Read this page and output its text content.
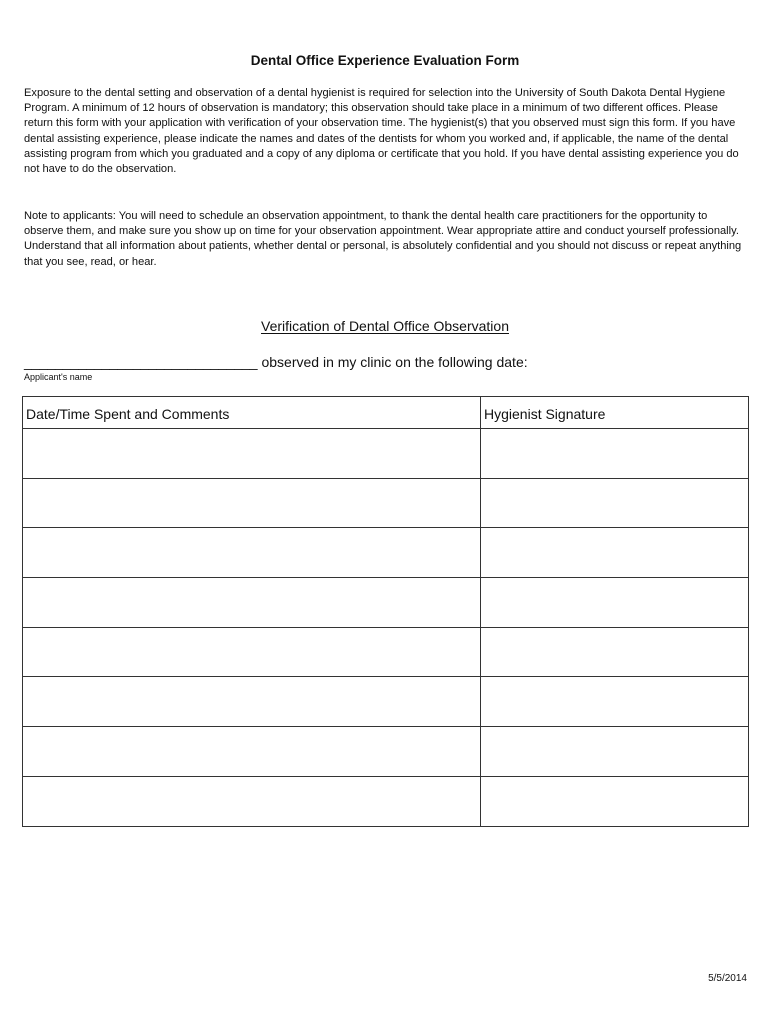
Dental Office Experience Evaluation Form

Exposure to the dental setting and observation of a dental hygienist is required for selection into the University of South Dakota Dental Hygiene Program. A minimum of 12 hours of observation is mandatory; this observation should take place in a minimum of two different offices. Please return this form with your application with verification of your observation time. The hygienist(s) that you observed must sign this form. If you have dental assisting experience, please indicate the names and dates of the dentists for whom you worked and, if applicable, the name of the dental assisting program from which you graduated and a copy of any diploma or certificate that you hold. If you have dental assisting experience you do not have to do the observation.

Note to applicants: You will need to schedule an observation appointment, to thank the dental health care practitioners for the opportunity to observe them, and make sure you show up on time for your observation appointment. Wear appropriate attire and conduct yourself professionally. Understand that all information about patients, whether dental or personal, is absolutely confidential and you should not discuss or repeat anything that you see, read, or hear.

Verification of Dental Office Observation
______________________________ observed in my clinic on the following date:
Applicant's name
Date/Time Spent and Comments	Hygienist Signature

5/5/2014
